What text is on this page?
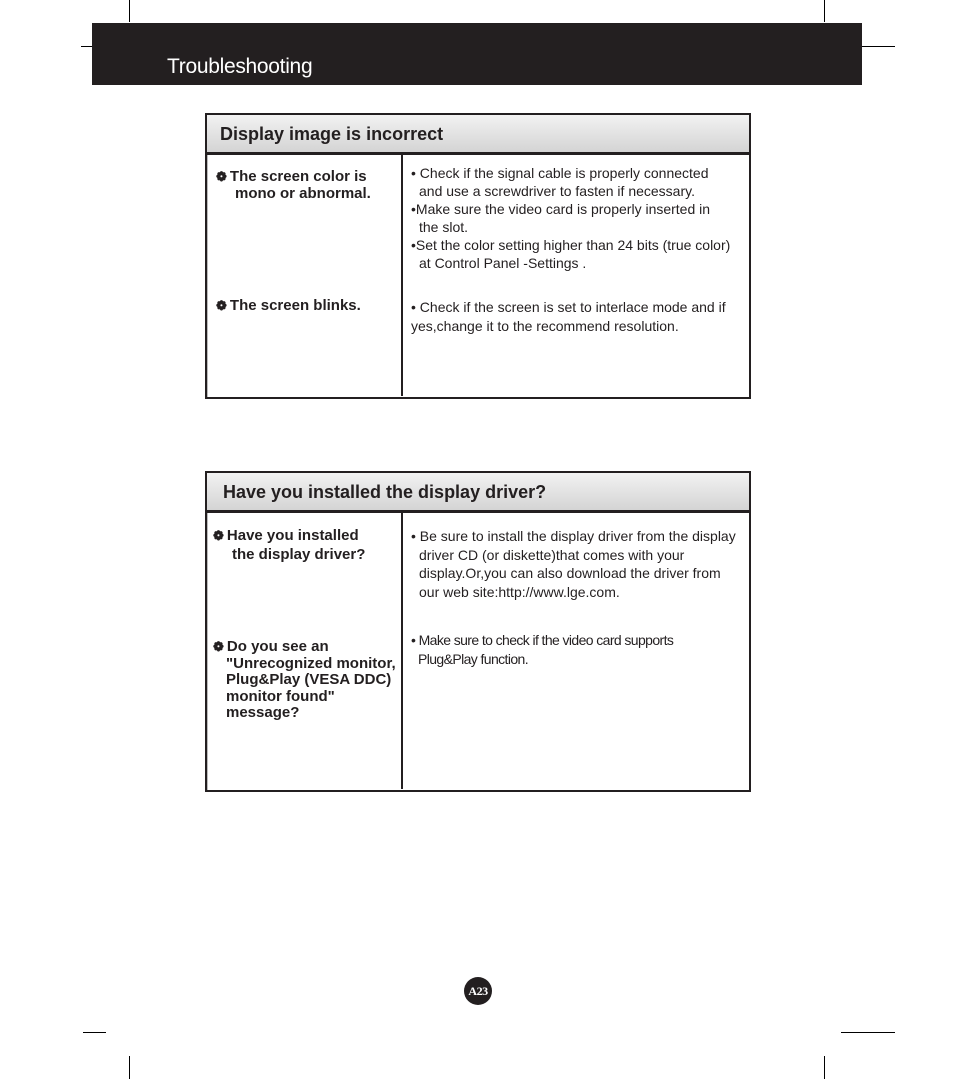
Troubleshooting
Display image is incorrect
❁ The screen color is
mono or abnormal.
• Check if the signal cable is properly connected
and use a screwdriver to fasten if necessary.
•Make sure the video card is properly inserted in
the slot.
•Set the color setting higher than 24 bits (true color)
at Control Panel -Settings .
❁ The screen blinks.	• Check if the screen is set to interlace mode and if
yes,change it to the recommend resolution.
Have you installed the display driver?
❁ Have you installed
the display driver?
• Be sure to install the display driver from the display
driver CD (or diskette)that comes with your
display.Or,you can also download the driver from
our web site:http://www.lge.com.
❁ Do you see an
"Unrecognized monitor,
Plug&Play (VESA DDC)
monitor found"
message?
• Make sure to check if the video card supports
Plug&Play function.
A23
